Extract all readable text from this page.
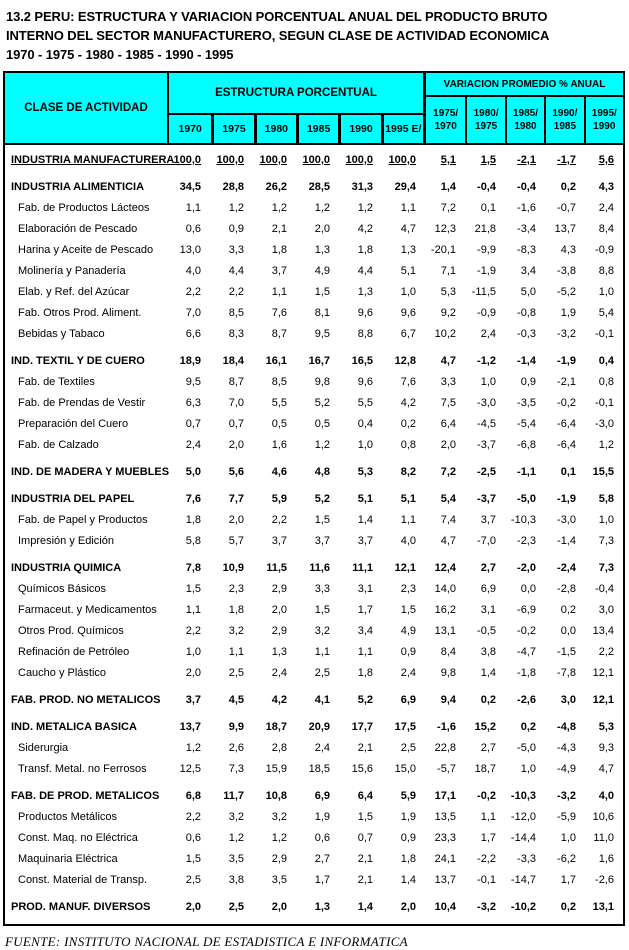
13.2 PERU: ESTRUCTURA Y VARIACION PORCENTUAL ANUAL DEL PRODUCTO BRUTO
INTERNO DEL SECTOR MANUFACTURERO, SEGUN CLASE DE ACTIVIDAD ECONOMICA
1970 - 1975 - 1980 - 1985 - 1990 - 1995
CLASE DE ACTIVIDAD
ESTRUCTURA PORCENTUAL
1970	1975	1980	1985	1990	1995 E/
VARIACION PROMEDIO % ANUAL
1975/
1970
1980/
1975
1985/
1980
1990/
1985
1995/
1990
INDUSTRIA MANUFACTURERA 100,0	100,0	100,0	100,0	100,0	100,0	5,1	1,5	-2,1	-1,7	5,6
INDUSTRIA ALIMENTICIA	34,5	28,8	26,2	28,5	31,3	29,4	1,4	-0,4	-0,4	0,2	4,3
Fab. de Productos Lácteos	1,1	1,2	1,2	1,2	1,2	1,1	7,2	0,1	-1,6	-0,7	2,4
Elaboración de Pescado	0,6	0,9	2,1	2,0	4,2	4,7	12,3	21,8	-3,4	13,7	8,4
Harina y Aceite de Pescado	13,0	3,3	1,8	1,3	1,8	1,3	-20,1	-9,9	-8,3	4,3	-0,9
Molinería y Panadería	4,0	4,4	3,7	4,9	4,4	5,1	7,1	-1,9	3,4	-3,8	8,8
Elab. y Ref. del Azúcar	2,2	2,2	1,1	1,5	1,3	1,0	5,3	-11,5	5,0	-5,2	1,0
Fab. Otros Prod. Aliment.	7,0	8,5	7,6	8,1	9,6	9,6	9,2	-0,9	-0,8	1,9	5,4
Bebidas y Tabaco	6,6	8,3	8,7	9,5	8,8	6,7	10,2	2,4	-0,3	-3,2	-0,1
IND. TEXTIL Y DE CUERO	18,9	18,4	16,1	16,7	16,5	12,8	4,7	-1,2	-1,4	-1,9	0,4
Fab. de Textiles	9,5	8,7	8,5	9,8	9,6	7,6	3,3	1,0	0,9	-2,1	0,8
Fab. de Prendas de Vestir	6,3	7,0	5,5	5,2	5,5	4,2	7,5	-3,0	-3,5	-0,2	-0,1
Preparación del Cuero	0,7	0,7	0,5	0,5	0,4	0,2	6,4	-4,5	-5,4	-6,4	-3,0
Fab. de Calzado	2,4	2,0	1,6	1,2	1,0	0,8	2,0	-3,7	-6,8	-6,4	1,2
IND. DE MADERA Y MUEBLES	5,0	5,6	4,6	4,8	5,3	8,2	7,2	-2,5	-1,1	0,1	15,5
INDUSTRIA DEL PAPEL	7,6	7,7	5,9	5,2	5,1	5,1	5,4	-3,7	-5,0	-1,9	5,8
Fab. de Papel y Productos	1,8	2,0	2,2	1,5	1,4	1,1	7,4	3,7	-10,3	-3,0	1,0
Impresión y Edición	5,8	5,7	3,7	3,7	3,7	4,0	4,7	-7,0	-2,3	-1,4	7,3
INDUSTRIA QUIMICA	7,8	10,9	11,5	11,6	11,1	12,1	12,4	2,7	-2,0	-2,4	7,3
Químicos Básicos	1,5	2,3	2,9	3,3	3,1	2,3	14,0	6,9	0,0	-2,8	-0,4
Farmaceut. y Medicamentos	1,1	1,8	2,0	1,5	1,7	1,5	16,2	3,1	-6,9	0,2	3,0
Otros Prod. Químicos	2,2	3,2	2,9	3,2	3,4	4,9	13,1	-0,5	-0,2	0,0	13,4
Refinación de Petróleo	1,0	1,1	1,3	1,1	1,1	0,9	8,4	3,8	-4,7	-1,5	2,2
Caucho y Plástico	2,0	2,5	2,4	2,5	1,8	2,4	9,8	1,4	-1,8	-7,8	12,1
FAB. PROD. NO METALICOS	3,7	4,5	4,2	4,1	5,2	6,9	9,4	0,2	-2,6	3,0	12,1
IND. METALICA BASICA	13,7	9,9	18,7	20,9	17,7	17,5	-1,6	15,2	0,2	-4,8	5,3
Siderurgia	1,2	2,6	2,8	2,4	2,1	2,5	22,8	2,7	-5,0	-4,3	9,3
Transf. Metal. no Ferrosos	12,5	7,3	15,9	18,5	15,6	15,0	-5,7	18,7	1,0	-4,9	4,7
FAB. DE PROD. METALICOS	6,8	11,7	10,8	6,9	6,4	5,9	17,1	-0,2	-10,3	-3,2	4,0
Productos Metálicos	2,2	3,2	3,2	1,9	1,5	1,9	13,5	1,1	-12,0	-5,9	10,6
Const. Maq. no Eléctrica	0,6	1,2	1,2	0,6	0,7	0,9	23,3	1,7	-14,4	1,0	11,0
Maquinaria Eléctrica	1,5	3,5	2,9	2,7	2,1	1,8	24,1	-2,2	-3,3	-6,2	1,6
Const. Material de Transp.	2,5	3,8	3,5	1,7	2,1	1,4	13,7	-0,1	-14,7	1,7	-2,6
PROD. MANUF. DIVERSOS	2,0	2,5	2,0	1,3	1,4	2,0	10,4	-3,2	-10,2	0,2	13,1
FUENTE: INSTITUTO NACIONAL DE ESTADISTICA E INFORMATICA
